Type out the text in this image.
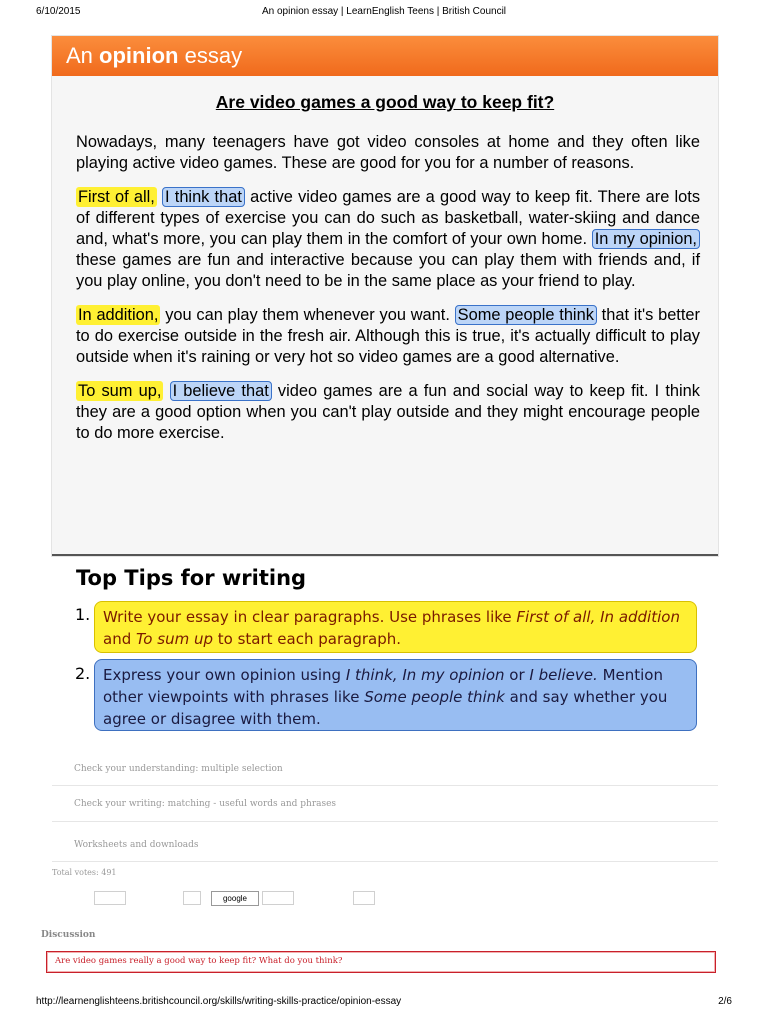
6/10/2015	An opinion essay | LearnEnglish Teens | British Council
An opinion essay
Are video games a good way to keep fit?

Nowadays, many teenagers have got video consoles at home and they often like playing active video games. These are good for you for a number of reasons.

First of all, I think that active video games are a good way to keep fit. There are lots of different types of exercise you can do such as basketball, water-skiing and dance and, what's more, you can play them in the comfort of your own home. In my opinion, these games are fun and interactive because you can play them with friends and, if you play online, you don't need to be in the same place as your friend to play.

In addition, you can play them whenever you want. Some people think that it's better to do exercise outside in the fresh air. Although this is true, it's actually difficult to play outside when it's raining or very hot so video games are a good alternative.

To sum up, I believe that video games are a fun and social way to keep fit. I think they are a good option when you can't play outside and they might encourage people to do more exercise.

Top Tips for writing
1. Write your essay in clear paragraphs. Use phrases like First of all, In addition and To sum up to start each paragraph.
2. Express your own opinion using I think, In my opinion or I believe. Mention other viewpoints with phrases like Some people think and say whether you agree or disagree with them.
Check your understanding: multiple selection
Check your writing: matching - useful words and phrases
Worksheets and downloads
Total votes: 491
google
Discussion
Are video games really a good way to keep fit? What do you think?
http://learnenglishteens.britishcouncil.org/skills/writing-skills-practice/opinion-essay	2/6
